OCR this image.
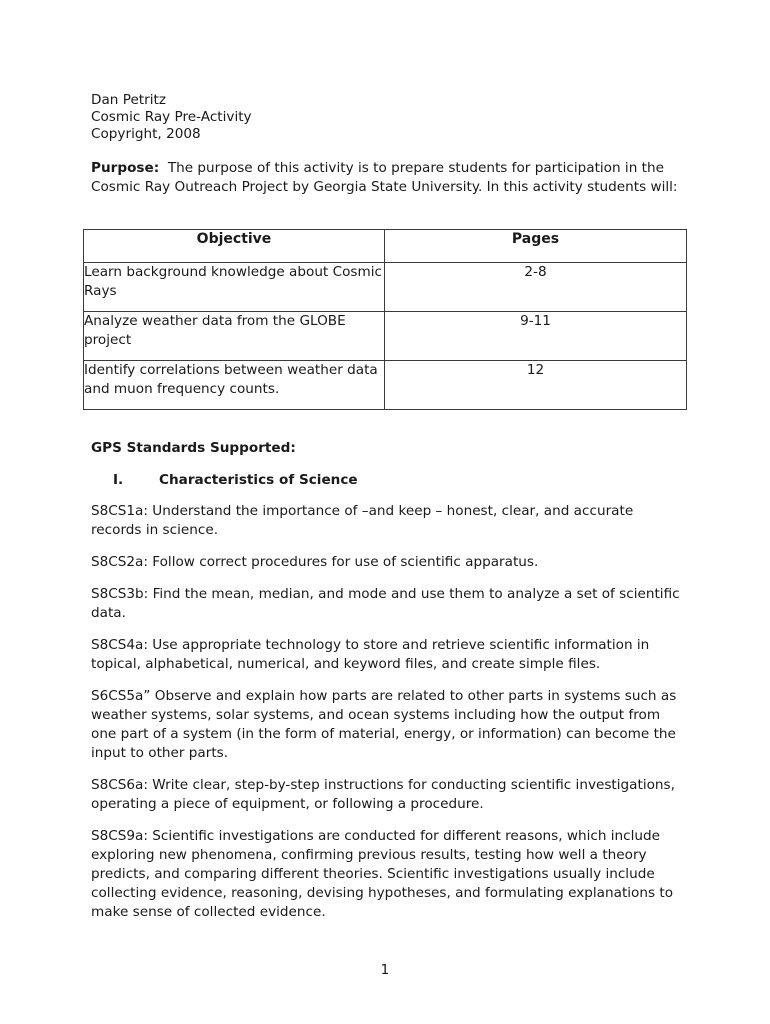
Dan Petritz
Cosmic Ray Pre-Activity
Copyright, 2008

Purpose: The purpose of this activity is to prepare students for participation in the Cosmic Ray Outreach Project by Georgia State University. In this activity students will:

Objective	Pages
Learn background knowledge about Cosmic Rays	2-8
Analyze weather data from the GLOBE project	9-11
Identify correlations between weather data and muon frequency counts.	12
GPS Standards Supported:
I.	Characteristics of Science

S8CS1a: Understand the importance of –and keep – honest, clear, and accurate records in science.

S8CS2a: Follow correct procedures for use of scientific apparatus.

S8CS3b: Find the mean, median, and mode and use them to analyze a set of scientific data.

S8CS4a: Use appropriate technology to store and retrieve scientific information in topical, alphabetical, numerical, and keyword files, and create simple files.

S6CS5a” Observe and explain how parts are related to other parts in systems such as weather systems, solar systems, and ocean systems including how the output from one part of a system (in the form of material, energy, or information) can become the input to other parts.

S8CS6a: Write clear, step-by-step instructions for conducting scientific investigations, operating a piece of equipment, or following a procedure.

S8CS9a: Scientific investigations are conducted for different reasons, which include exploring new phenomena, confirming previous results, testing how well a theory predicts, and comparing different theories. Scientific investigations usually include collecting evidence, reasoning, devising hypotheses, and formulating explanations to make sense of collected evidence.

1
